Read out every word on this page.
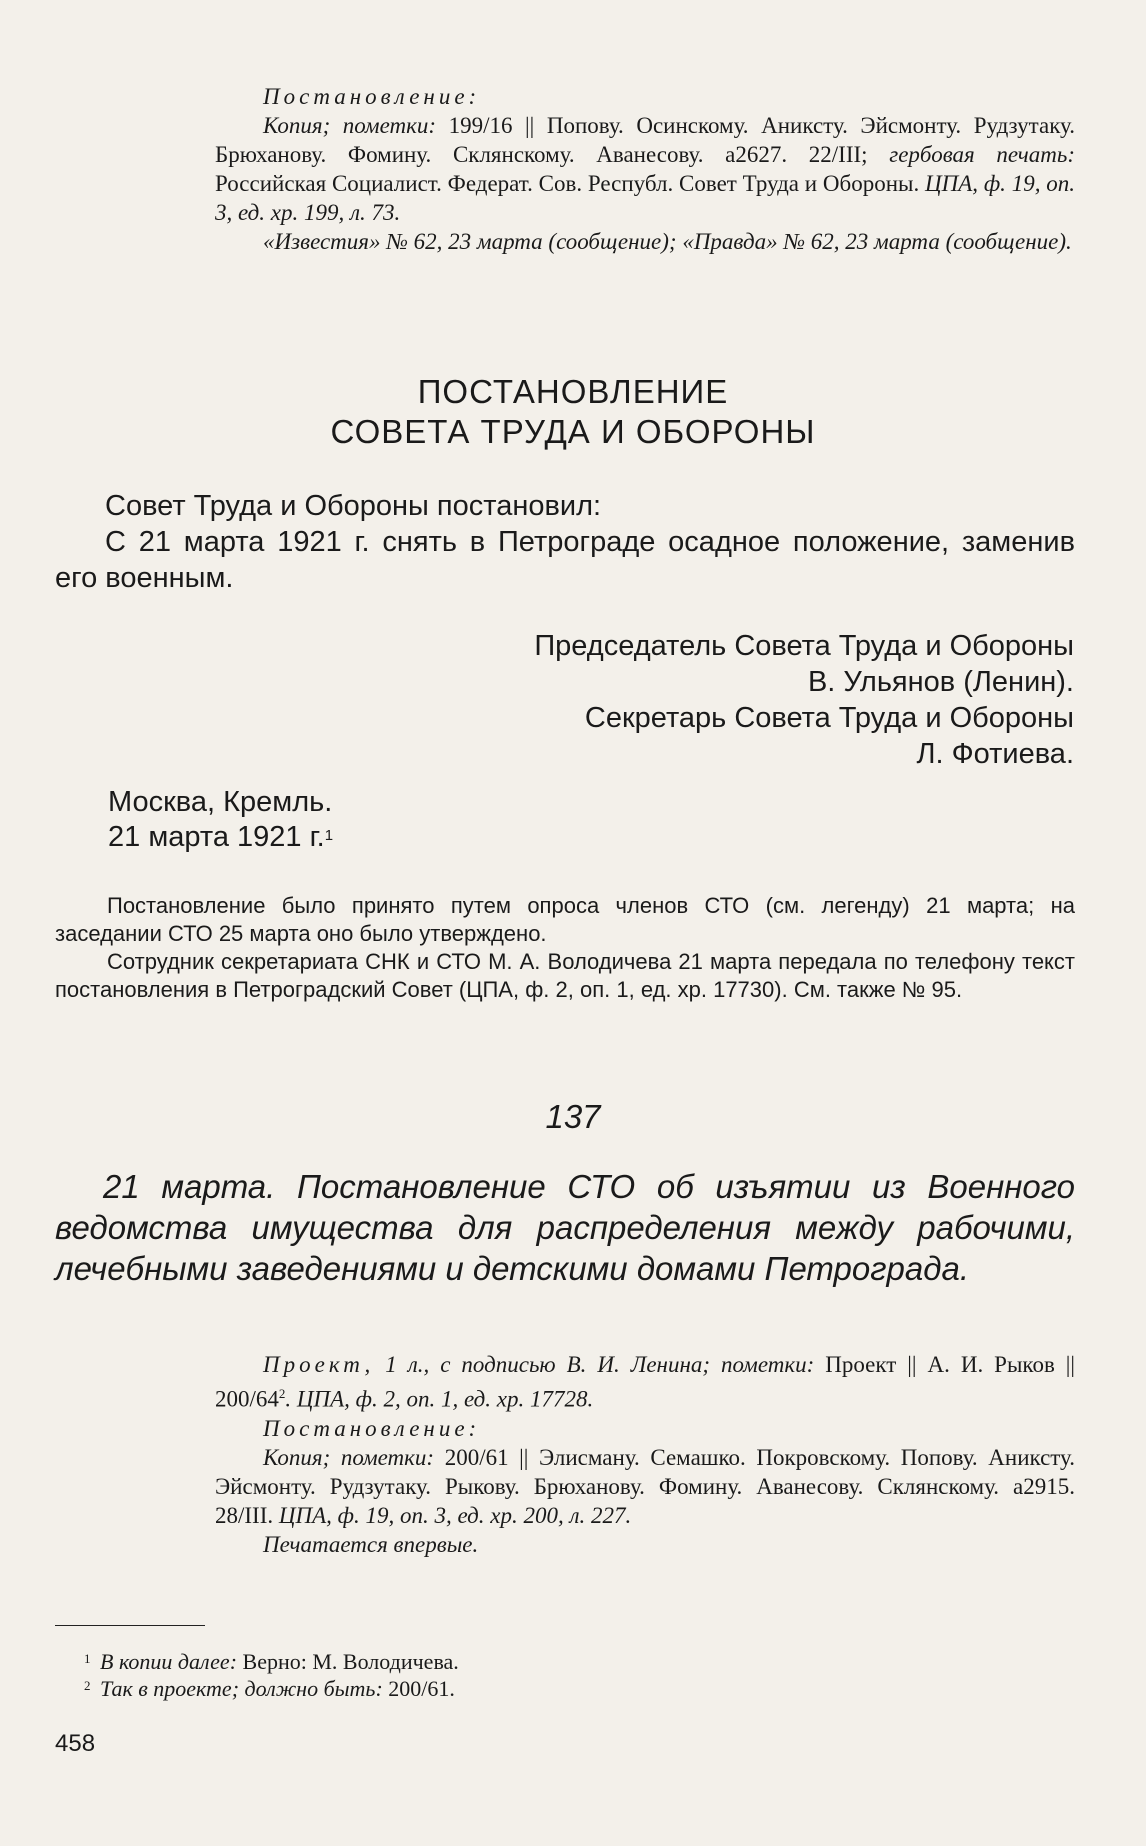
Постановление:

Копия; пометки: 199/16 || Попову. Осинскому. Аниксту. Эйсмонту. Рудзутаку. Брюханову. Фомину. Склянскому. Аванесову. а2627. 22/III; гербовая печать: Российская Социалист. Федерат. Сов. Республ. Совет Труда и Обороны. ЦПА, ф. 19, оп. 3, ед. хр. 199, л. 73.

«Известия» № 62, 23 марта (сообщение); «Правда» № 62, 23 марта (сообщение).

ПОСТАНОВЛЕНИЕ
СОВЕТА ТРУДА И ОБОРОНЫ

Совет Труда и Обороны постановил:

С 21 марта 1921 г. снять в Петрограде осадное положение, заменив его военным.

Председатель Совета Труда и Обороны
В. Ульянов (Ленин).
Секретарь Совета Труда и Обороны
Л. Фотиева.
Москва, Кремль.
21 марта 1921 г.$^1$

Постановление было принято путем опроса членов СТО (см. легенду) 21 марта; на заседании СТО 25 марта оно было утверждено.

Сотрудник секретариата СНК и СТО М. А. Володичева 21 марта передала по телефону текст постановления в Петроградский Совет (ЦПА, ф. 2, оп. 1, ед. хр. 17730). См. также № 95.

137
21 марта. Постановление СТО об изъятии из Военного ведомства имущества для распределения между рабочими, лечебными заведениями и детскими домами Петрограда.

Проект, 1 л., с подписью В. И. Ленина; пометки: Проект || А. И. Рыков || $200/64^2$. ЦПА, ф. 2, оп. 1, ед. хр. 17728.

Постановление:

Копия; пометки: 200/61 || Элисману. Семашко. Покровскому. Попову. Аниксту. Эйсмонту. Рудзутаку. Рыкову. Брюханову. Фомину. Аванесову. Склянскому. а2915. 28/III. ЦПА, ф. 19, оп. 3, ед. хр. 200, л. 227.

Печатается впервые.

1 В копии далее: Верно: М. Володичева.
2 Так в проекте; должно быть: 200/61.
458
